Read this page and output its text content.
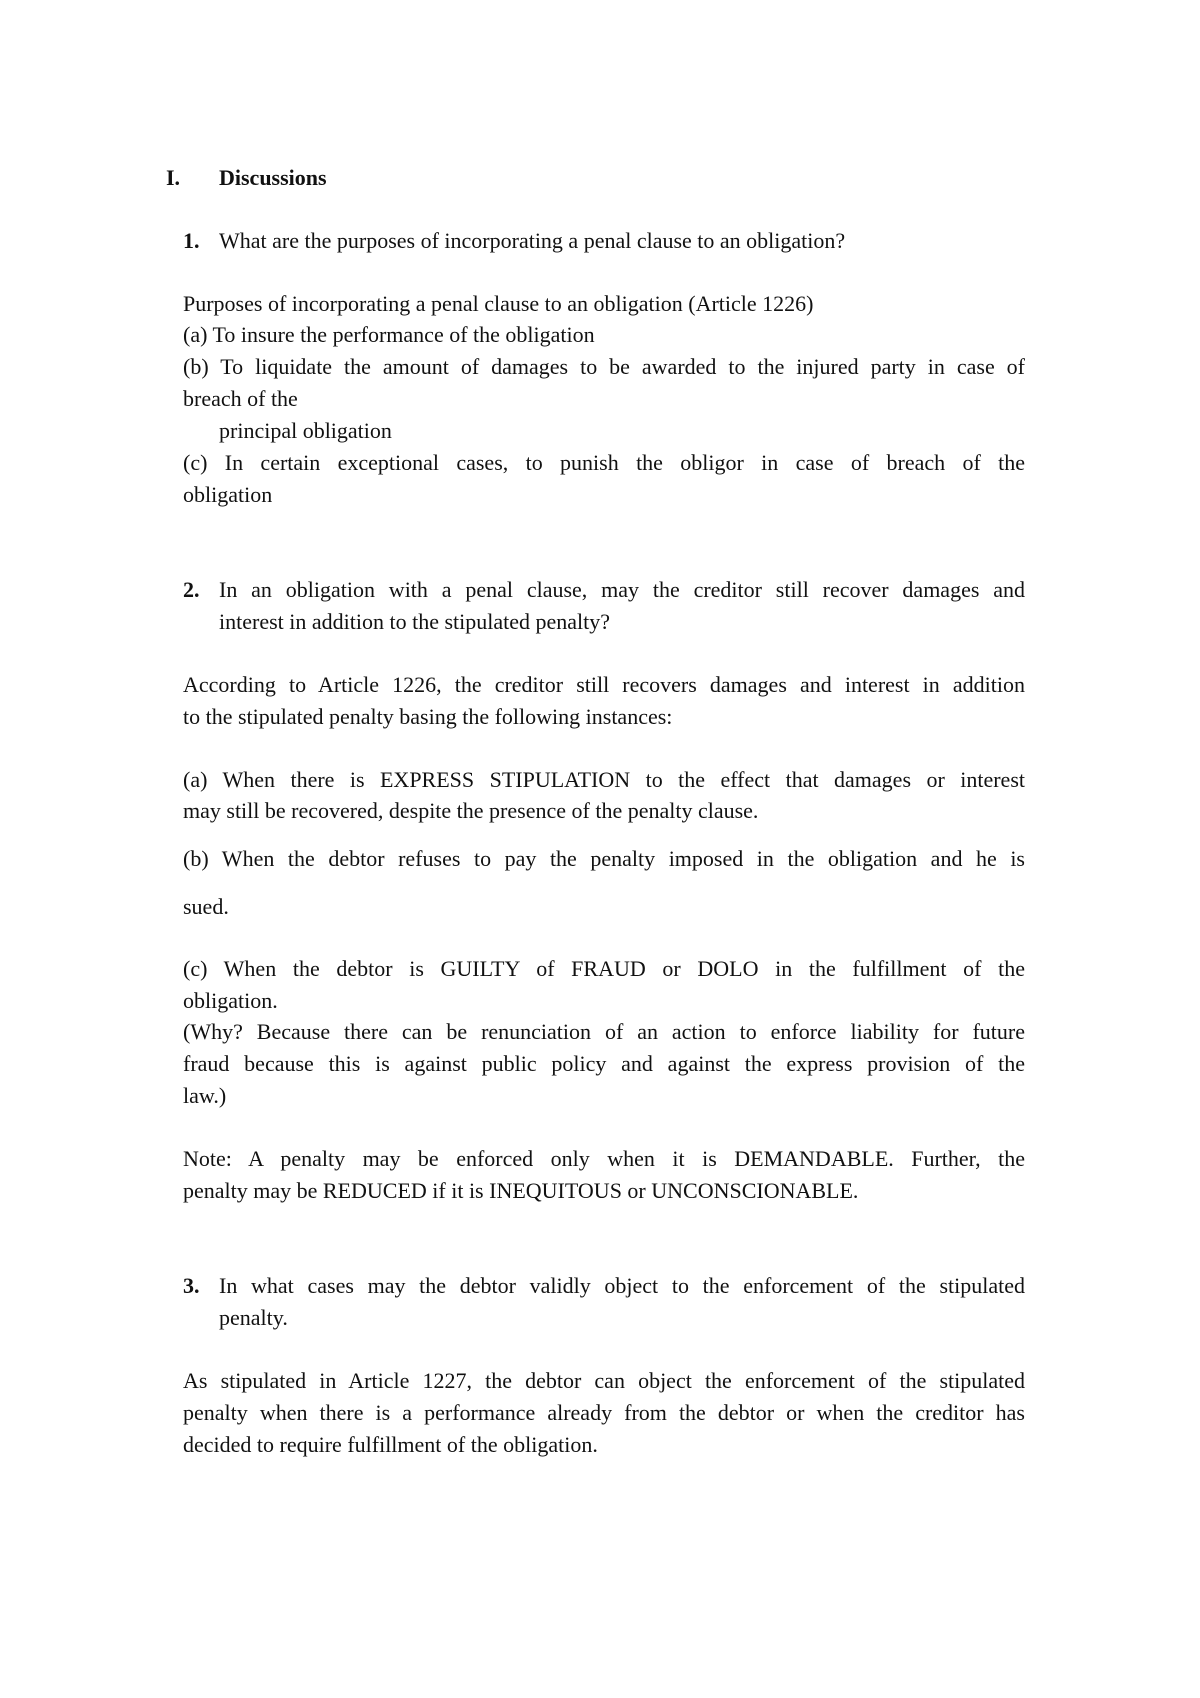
I. Discussions
1. What are the purposes of incorporating a penal clause to an obligation?
Purposes of incorporating a penal clause to an obligation (Article 1226)
(a) To insure the performance of the obligation
(b) To liquidate the amount of damages to be awarded to the injured party in case of
breach of the
principal obligation
(c) In certain exceptional cases, to punish the obligor in case of breach of the
obligation
2. In an obligation with a penal clause, may the creditor still recover damages and
interest in addition to the stipulated penalty?
According to Article 1226, the creditor still recovers damages and interest in addition
to the stipulated penalty basing the following instances:
(a) When there is EXPRESS STIPULATION to the effect that damages or interest
may still be recovered, despite the presence of the penalty clause.
(b) When the debtor refuses to pay the penalty imposed in the obligation and he is
sued.
(c) When the debtor is GUILTY of FRAUD or DOLO in the fulfillment of the
obligation.
(Why? Because there can be renunciation of an action to enforce liability for future
fraud because this is against public policy and against the express provision of the
law.)
Note: A penalty may be enforced only when it is DEMANDABLE. Further, the
penalty may be REDUCED if it is INEQUITOUS or UNCONSCIONABLE.
3. In what cases may the debtor validly object to the enforcement of the stipulated
penalty.
As stipulated in Article 1227, the debtor can object the enforcement of the stipulated
penalty when there is a performance already from the debtor or when the creditor has
decided to require fulfillment of the obligation.
